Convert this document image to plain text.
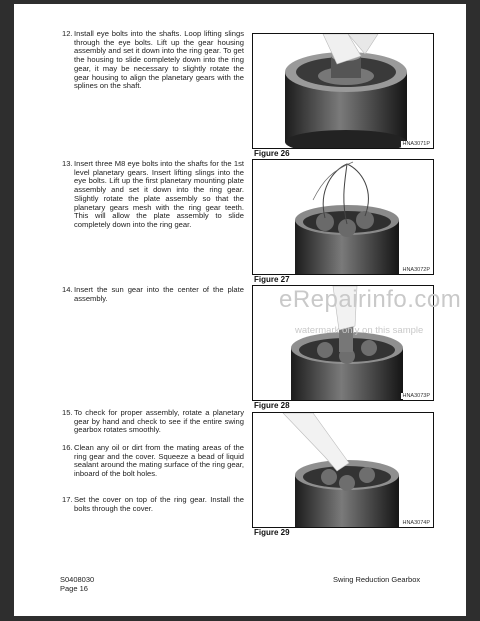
12. Install eye bolts into the shafts. Loop lifting slings through the eye bolts. Lift up the gear housing assembly and set it down into the ring gear. To get the housing to slide completely down into the ring gear, it may be necessary to slightly rotate the gear housing to align the planetary gears with the splines on the shaft.
13. Insert three M8 eye bolts into the shafts for the 1st level planetary gears. Insert lifting slings into the eye bolts. Lift up the first planetary mounting plate assembly and set it down into the ring gear. Slightly rotate the plate assembly so that the planetary gears mesh with the ring gear teeth. This will allow the plate assembly to slide completely down into the ring gear.
14. Insert the sun gear into the center of the plate assembly.
15. To check for proper assembly, rotate a planetary gear by hand and check to see if the entire swing gearbox rotates smoothly.
16. Clean any oil or dirt from the mating areas of the ring gear and the cover. Squeeze a bead of liquid sealant around the mating surface of the ring gear, inboard of the bolt holes.
17. Set the cover on top of the ring gear. Install the bolts through the cover.
HNA3071P
Figure 26
HNA3072P
Figure 27
HNA3073P
Figure 28
HNA3074P
Figure 29
eRepairinfo.com
watermark only on this sample
S0408030
Page 16
Swing Reduction Gearbox
